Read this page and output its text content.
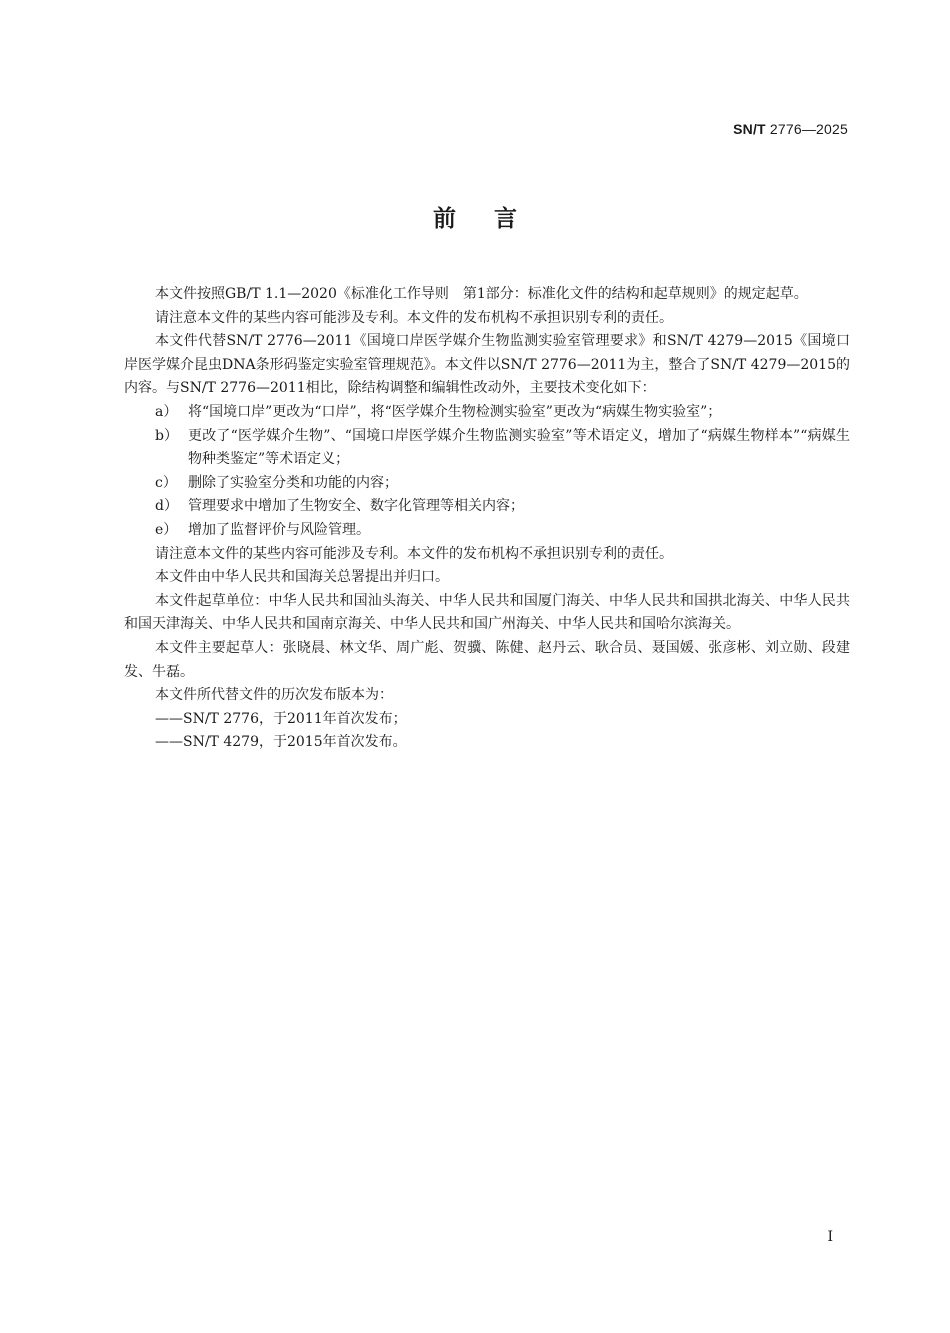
SN/T 2776—2025
前言

本文件按照GB/T 1.1—2020《标准化工作导则　第1部分：标准化文件的结构和起草规则》的规定起草。

请注意本文件的某些内容可能涉及专利。本文件的发布机构不承担识别专利的责任。

本文件代替SN/T 2776—2011《国境口岸医学媒介生物监测实验室管理要求》和SN/T 4279—2015《国境口岸医学媒介昆虫DNA条形码鉴定实验室管理规范》。本文件以SN/T 2776—2011为主，整合了SN/T 4279—2015的内容。与SN/T 2776—2011相比，除结构调整和编辑性改动外，主要技术变化如下：

a） 将“国境口岸”更改为“口岸”，将“医学媒介生物检测实验室”更改为“病媒生物实验室”；
b） 更改了“医学媒介生物”、“国境口岸医学媒介生物监测实验室”等术语定义，增加了“病媒生物样本”“病媒生物种类鉴定”等术语定义；
c） 删除了实验室分类和功能的内容；
d） 管理要求中增加了生物安全、数字化管理等相关内容；
e） 增加了监督评价与风险管理。

请注意本文件的某些内容可能涉及专利。本文件的发布机构不承担识别专利的责任。

本文件由中华人民共和国海关总署提出并归口。

本文件起草单位：中华人民共和国汕头海关、中华人民共和国厦门海关、中华人民共和国拱北海关、中华人民共和国天津海关、中华人民共和国南京海关、中华人民共和国广州海关、中华人民共和国哈尔滨海关。

本文件主要起草人：张晓晨、林文华、周广彪、贺骥、陈健、赵丹云、耿合员、聂国媛、张彦彬、刘立勋、段建发、牛磊。

本文件所代替文件的历次发布版本为：

——SN/T 2776，于2011年首次发布；
——SN/T 4279，于2015年首次发布。
I
